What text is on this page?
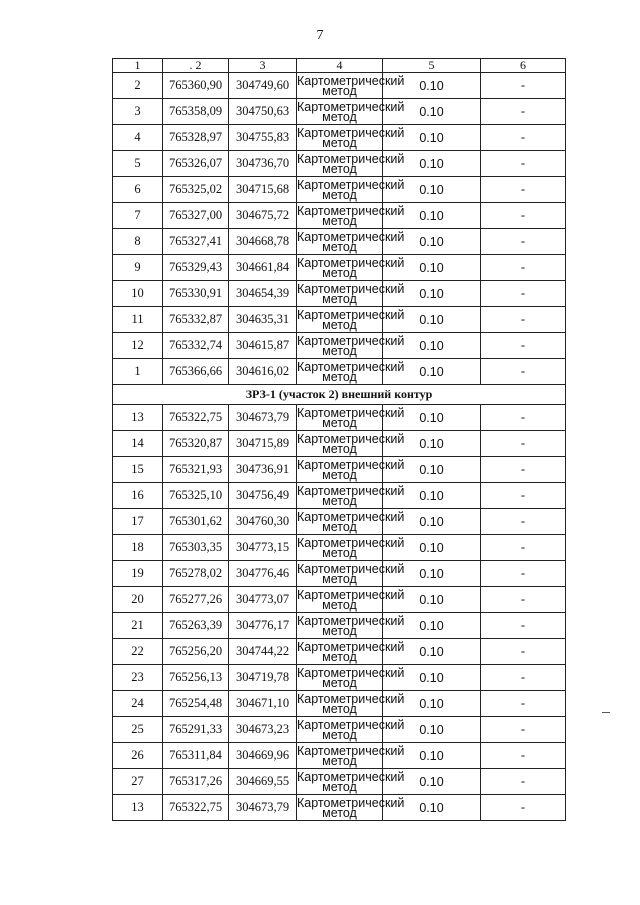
7
1	. 2	3	4	5	6
2	765360,90	304749,60	Картометрический метод	0.10	-
3	765358,09	304750,63	Картометрический метод	0.10	-
4	765328,97	304755,83	Картометрический метод	0.10	-
5	765326,07	304736,70	Картометрический метод	0.10	-
6	765325,02	304715,68	Картометрический метод	0.10	-
7	765327,00	304675,72	Картометрический метод	0.10	-
8	765327,41	304668,78	Картометрический метод	0.10	-
9	765329,43	304661,84	Картометрический метод	0.10	-
10	765330,91	304654,39	Картометрический метод	0.10	-
11	765332,87	304635,31	Картометрический метод	0.10	-
12	765332,74	304615,87	Картометрический метод	0.10	-
1	765366,66	304616,02	Картометрический метод	0.10	-
ЗРЗ-1 (участок 2) внешний контур					
13	765322,75	304673,79	Картометрический метод	0.10	-
14	765320,87	304715,89	Картометрический метод	0.10	-
15	765321,93	304736,91	Картометрический метод	0.10	-
16	765325,10	304756,49	Картометрический метод	0.10	-
17	765301,62	304760,30	Картометрический метод	0.10	-
18	765303,35	304773,15	Картометрический метод	0.10	-
19	765278,02	304776,46	Картометрический метод	0.10	-
20	765277,26	304773,07	Картометрический метод	0.10	-
21	765263,39	304776,17	Картометрический метод	0.10	-
22	765256,20	304744,22	Картометрический метод	0.10	-
23	765256,13	304719,78	Картометрический метод	0.10	-
24	765254,48	304671,10	Картометрический метод	0.10	-
25	765291,33	304673,23	Картометрический метод	0.10	-
26	765311,84	304669,96	Картометрический метод	0.10	-
27	765317,26	304669,55	Картометрический метод	0.10	-
13	765322,75	304673,79	Картометрический метод	0.10	-
